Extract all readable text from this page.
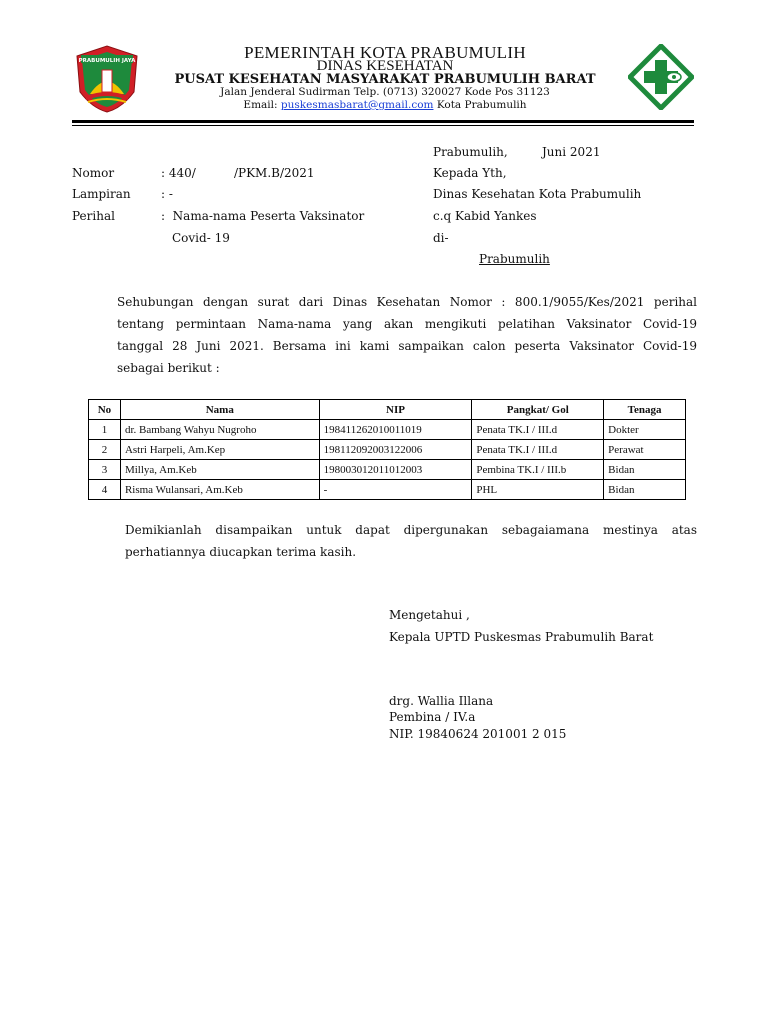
PRABUMULIH JAYA	PEMERINTAH KOTA PRABUMULIH
DINAS KESEHATAN
PUSAT KESEHATAN MASYARAKAT PRABUMULIH BARAT
Jalan Jenderal Sudirman Telp. (0713) 320027 Kode Pos 31123
Email: puskesmasbarat@gmail.com Kota Prabumulih
Prabumulih,	Juni 2021
Nomor	: 440/          /PKM.B/2021
Lampiran	: -
Perihal	:  Nama-nama Peserta Vaksinator
Covid- 19
Kepada Yth,
Dinas Kesehatan Kota Prabumulih
c.q Kabid Yankes
di-
Prabumulih
Sehubungan dengan surat dari Dinas Kesehatan Nomor : 800.1/9055/Kes/2021 perihal
tentang permintaan Nama-nama yang akan mengikuti pelatihan Vaksinator Covid-19
tanggal 28 Juni 2021. Bersama ini kami sampaikan calon peserta Vaksinator Covid-19
sebagai berikut :
No	Nama	NIP	Pangkat/ Gol	Tenaga
1	dr. Bambang Wahyu Nugroho	198411262010011019	Penata TK.I / III.d	Dokter
2	Astri Harpeli, Am.Kep	198112092003122006	Penata TK.I / III.d	Perawat
3	Millya, Am.Keb	198003012011012003	Pembina TK.I / III.b	Bidan
4	Risma Wulansari, Am.Keb	-	PHL	Bidan
Demikianlah disampaikan untuk dapat dipergunakan sebagaiamana mestinya atas
perhatiannya diucapkan terima kasih.
Mengetahui ,
Kepala UPTD Puskesmas Prabumulih Barat
drg. Wallia Illana
Pembina / IV.a
NIP. 19840624 201001 2 015
